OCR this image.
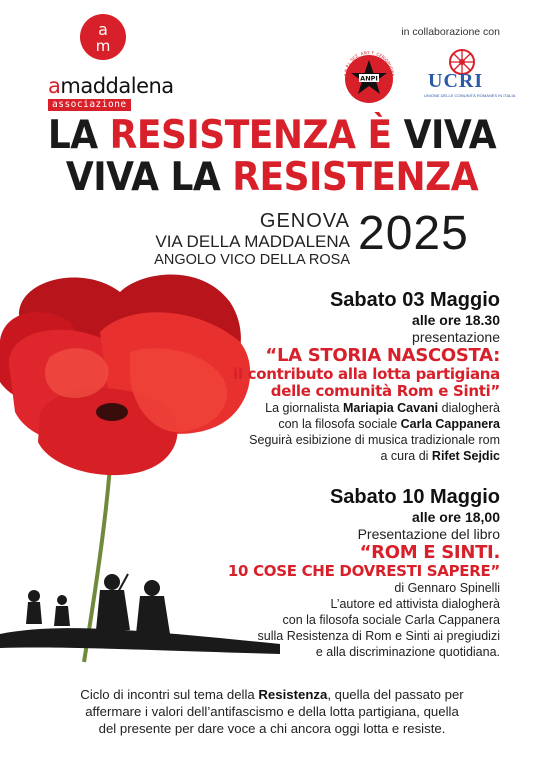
a
m
amaddalena
associazione
in collaborazione con
ANPI
A.N.P.I. SEZ. ANT. F. CERIOPUGNE UCRI
UNIONE DELLE COMUNITÀ ROMANÈS IN ITALIA
LA RESISTENZA È VIVA
VIVA LA RESISTENZA
GENOVA
VIA DELLA MADDALENA
ANGOLO VICO DELLA ROSA 2025
Sabato 03 Maggio
alle ore 18.30
presentazione
“LA STORIA NASCOSTA:
il contributo alla lotta partigiana
delle comunità Rom e Sinti”
La giornalista Mariapia Cavani dialogherà
con la filosofa sociale Carla Cappanera
Seguirà esibizione di musica tradizionale rom
a cura di Rifet Sejdic
Sabato 10 Maggio
alle ore 18,00
Presentazione del libro
“ROM E SINTI.
10 COSE CHE DOVRESTI SAPERE”
di Gennaro Spinelli
L’autore ed attivista dialogherà
con la filosofa sociale Carla Cappanera
sulla Resistenza di Rom e Sinti ai pregiudizi
e alla discriminazione quotidiana.
Ciclo di incontri sul tema della Resistenza, quella del passato per
affermare i valori dell’antifascismo e della lotta partigiana, quella
del presente per dare voce a chi ancora oggi lotta e resiste.
